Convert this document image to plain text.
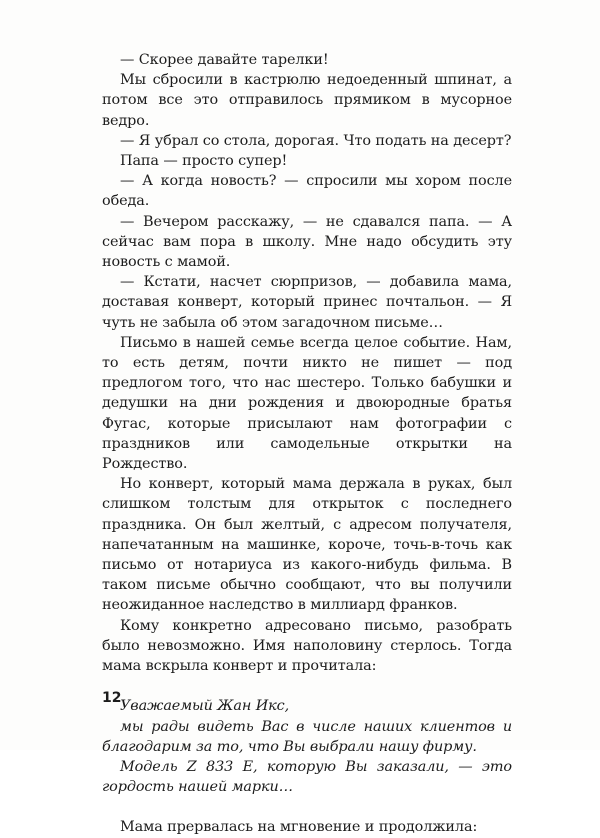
— Скорее давайте тарелки!

Мы сбросили в кастрюлю недоеденный шпинат, а потом все это отправилось прямиком в мусорное ведро.

— Я убрал со стола, дорогая. Что подать на десерт?

Папа — просто супер!

— А когда новость? — спросили мы хором после обеда.

— Вечером расскажу, — не сдавался папа. — А сейчас вам пора в школу. Мне надо обсудить эту новость с мамой.

— Кстати, насчет сюрпризов, — добавила мама, доставая конверт, который принес почтальон. — Я чуть не забыла об этом загадочном письме…

Письмо в нашей семье всегда целое событие. Нам, то есть детям, почти никто не пишет — под предлогом того, что нас шестеро. Только бабушки и дедушки на дни рождения и двоюродные братья Фугас, которые присылают нам фотографии с праздников или самодельные открытки на Рождество.

Но конверт, который мама держала в руках, был слишком толстым для открыток с последнего праздника. Он был желтый, с адресом получателя, напечатанным на машинке, короче, точь-в-точь как письмо от нотариуса из какого-нибудь фильма. В таком письме обычно сообщают, что вы получили неожиданное наследство в миллиард франков.

Кому конкретно адресовано письмо, разобрать было невозможно. Имя наполовину стерлось. Тогда мама вскрыла конверт и прочитала:

Уважаемый Жан Икс,

мы рады видеть Вас в числе наших клиентов и благодарим за то, что Вы выбрали нашу фирму.

Модель Z 833 E, которую Вы заказали, — это гордость нашей марки…

Мама прервалась на мгновение и продолжила:

12
